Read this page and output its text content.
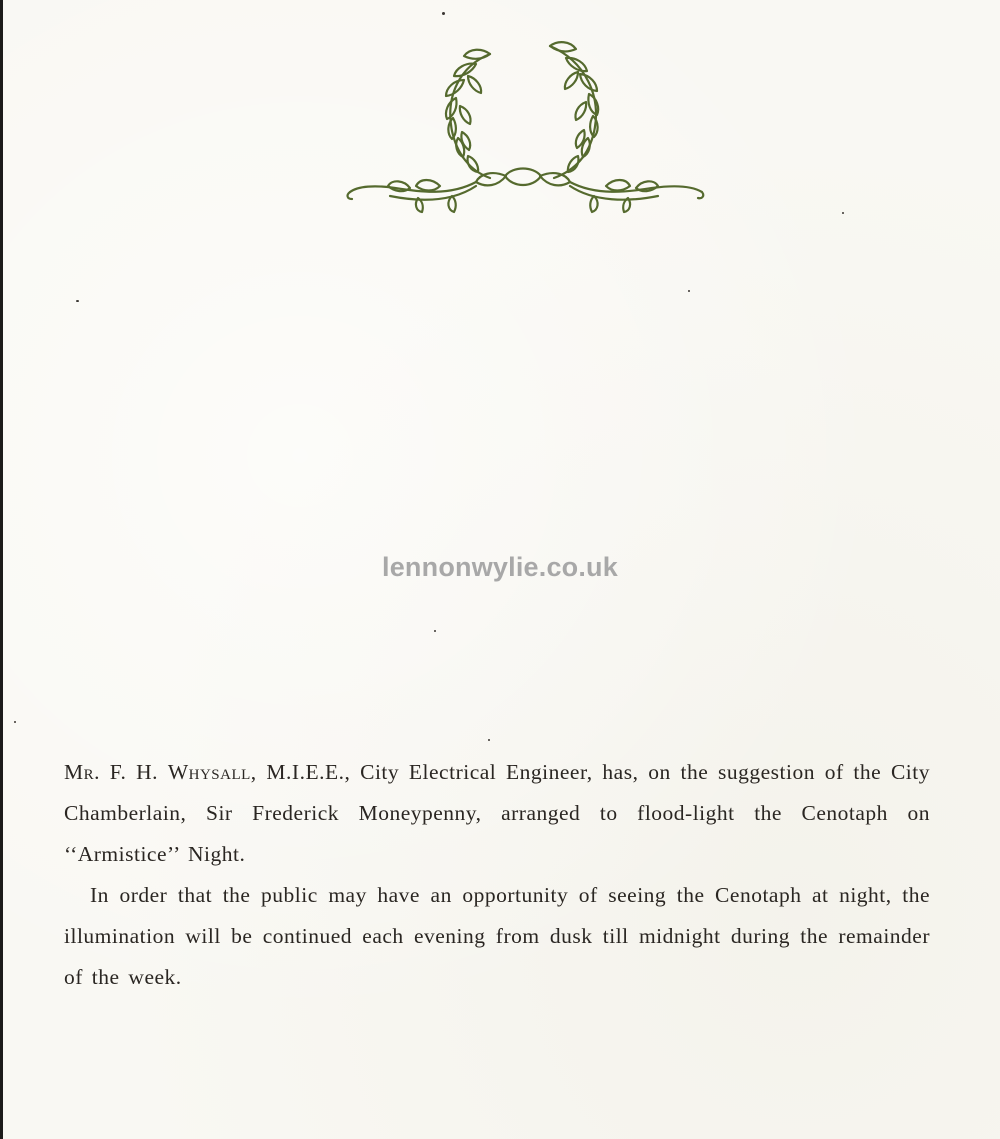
lennonwylie.co.uk

Mr. F. H. Whysall, M.I.E.E., City Electrical Engineer, has, on the suggestion of the City Chamberlain, Sir Frederick Moneypenny, arranged to flood-light the Cenotaph on ‘‘Armistice’’ Night.

In order that the public may have an opportunity of seeing the Cenotaph at night, the illumination will be continued each evening from dusk till midnight during the remainder of the week.
